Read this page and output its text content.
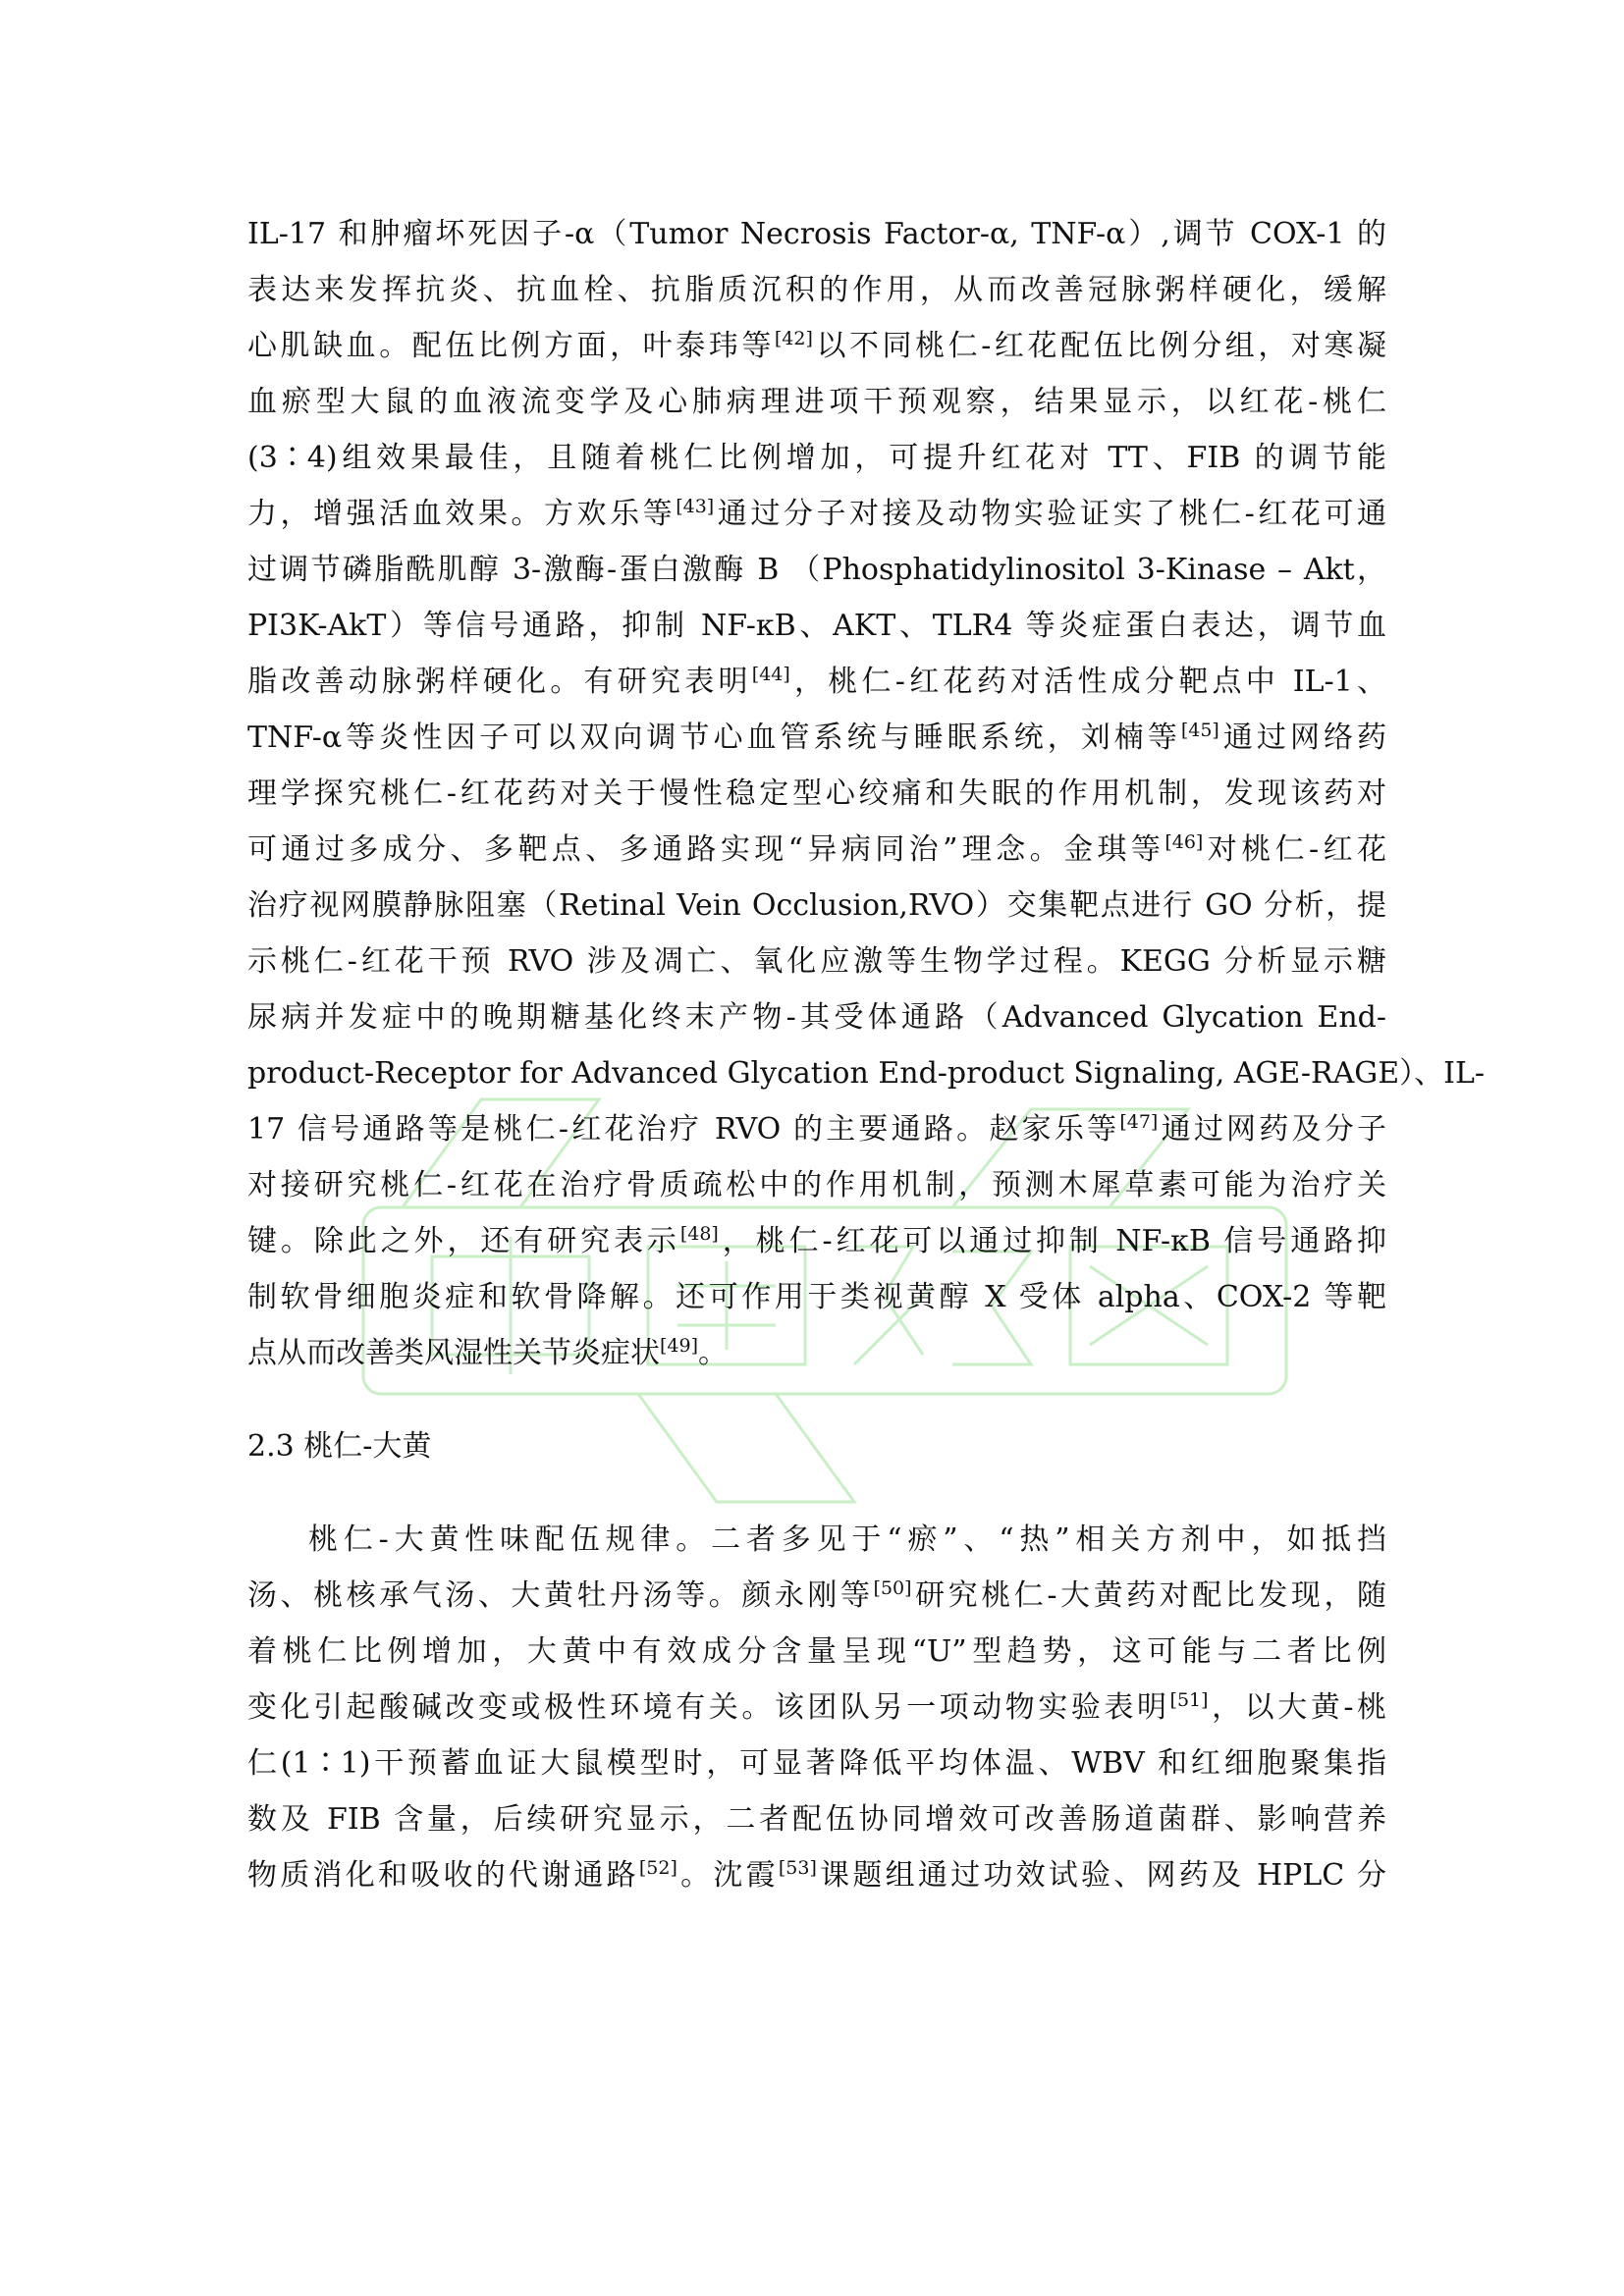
IL-17 和肿瘤坏死因子-α（Tumor Necrosis Factor-α, TNF-α）,调节 COX-1 的
表达来发挥抗炎、抗血栓、抗脂质沉积的作用，从而改善冠脉粥样硬化，缓解
心肌缺血。配伍比例方面，叶泰玮等[42]以不同桃仁-红花配伍比例分组，对寒凝
血瘀型大鼠的血液流变学及心肺病理进项干预观察，结果显示，以红花-桃仁
(3∶4)组效果最佳，且随着桃仁比例增加，可提升红花对 TT、FIB 的调节能
力，增强活血效果。方欢乐等[43]通过分子对接及动物实验证实了桃仁-红花可通
过调节磷脂酰肌醇 3-激酶-蛋白激酶 B （Phosphatidylinositol 3-Kinase – Akt，
PI3K-AkT）等信号通路，抑制 NF-κB、AKT、TLR4 等炎症蛋白表达，调节血
脂改善动脉粥样硬化。有研究表明[44]，桃仁-红花药对活性成分靶点中 IL-1、
TNF-α等炎性因子可以双向调节心血管系统与睡眠系统，刘楠等[45]通过网络药
理学探究桃仁-红花药对关于慢性稳定型心绞痛和失眠的作用机制，发现该药对
可通过多成分、多靶点、多通路实现“异病同治”理念。金琪等[46]对桃仁-红花
治疗视网膜静脉阻塞（Retinal Vein Occlusion,RVO）交集靶点进行 GO 分析，提
示桃仁-红花干预 RVO 涉及凋亡、氧化应激等生物学过程。KEGG 分析显示糖
尿病并发症中的晚期糖基化终末产物-其受体通路（Advanced Glycation End-
product-Receptor for Advanced Glycation End-product Signaling, AGE-RAGE）、IL-
17 信号通路等是桃仁-红花治疗 RVO 的主要通路。赵家乐等[47]通过网药及分子
对接研究桃仁-红花在治疗骨质疏松中的作用机制，预测木犀草素可能为治疗关
键。除此之外，还有研究表示[48]，桃仁-红花可以通过抑制 NF-κB 信号通路抑
制软骨细胞炎症和软骨降解。还可作用于类视黄醇 X 受体 alpha、COX-2 等靶
点从而改善类风湿性关节炎症状[49]。
2.3 桃仁-大黄
桃仁-大黄性味配伍规律。二者多见于“瘀”、“热”相关方剂中，如抵挡
汤、桃核承气汤、大黄牡丹汤等。颜永刚等[50]研究桃仁-大黄药对配比发现，随
着桃仁比例增加，大黄中有效成分含量呈现“U”型趋势，这可能与二者比例
变化引起酸碱改变或极性环境有关。该团队另一项动物实验表明[51]，以大黄-桃
仁(1∶1)干预蓄血证大鼠模型时，可显著降低平均体温、WBV 和红细胞聚集指
数及 FIB 含量，后续研究显示，二者配伍协同增效可改善肠道菌群、影响营养
物质消化和吸收的代谢通路[52]。沈霞[53]课题组通过功效试验、网药及 HPLC 分
